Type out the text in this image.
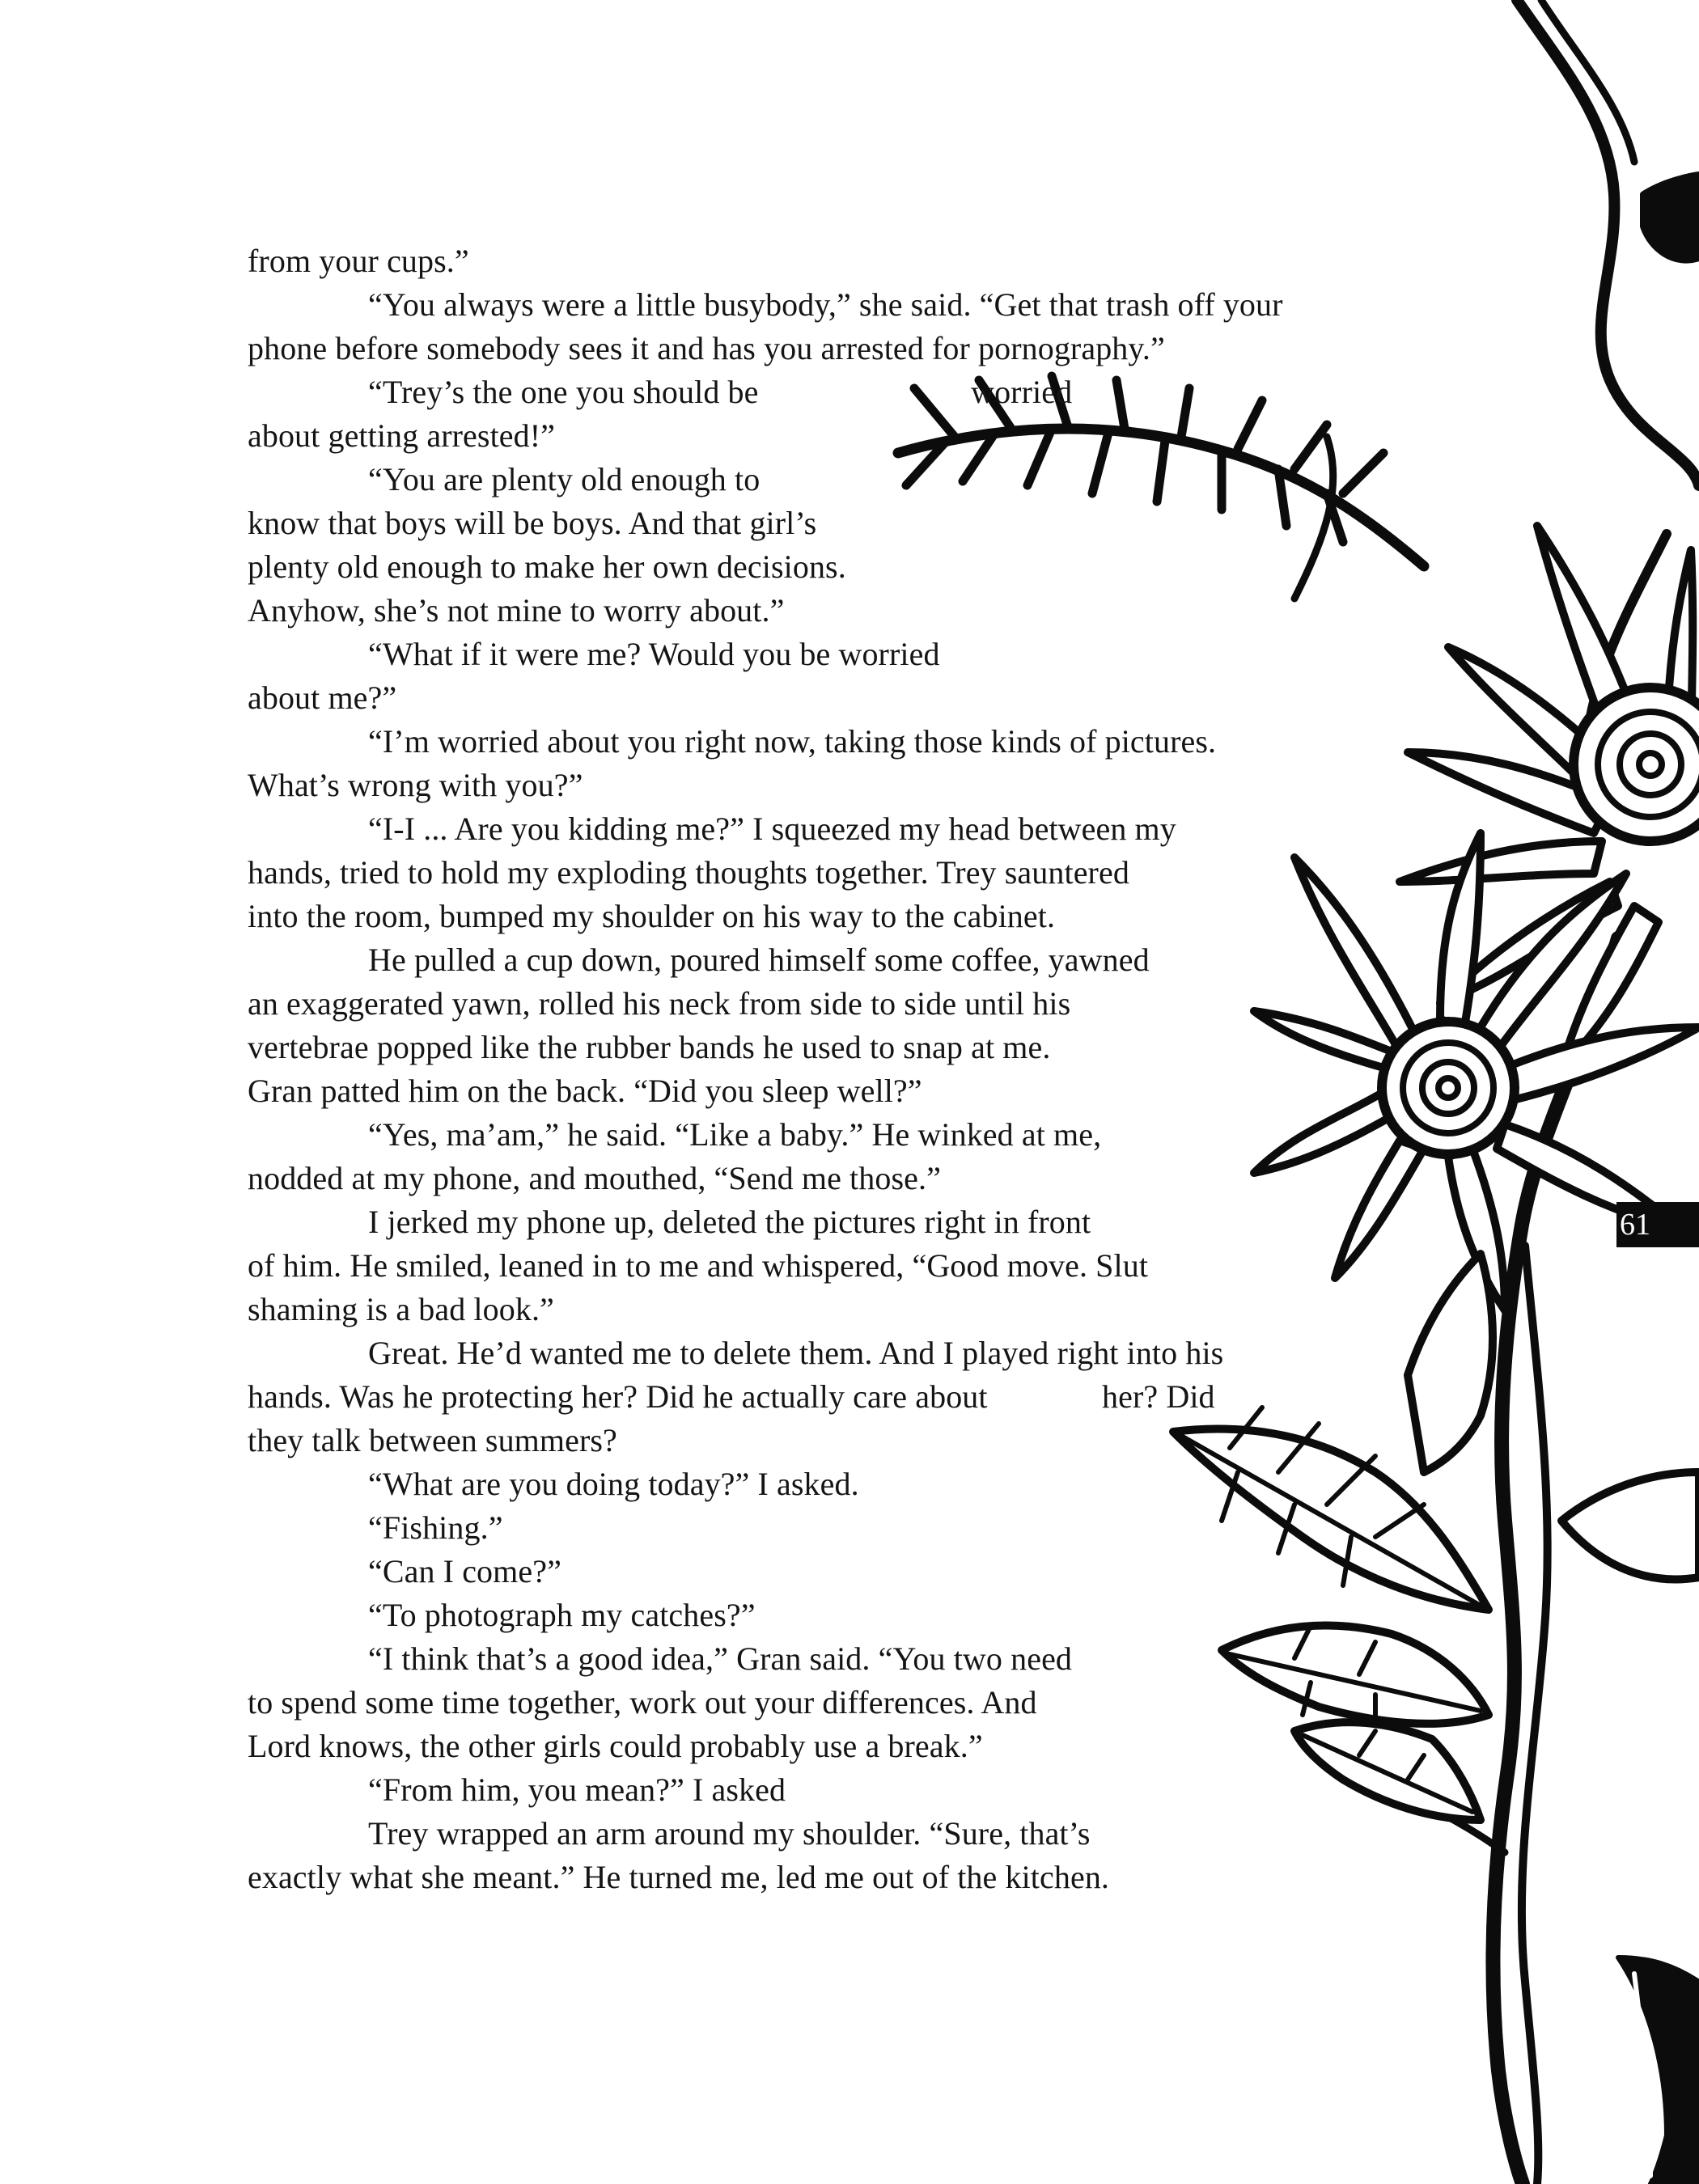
from your cups.”
“You always were a little busybody,” she said. “Get that trash off your
phone before somebody sees it and has you arrested for pornography.”
“Trey’s the one you should be                          worried
about getting arrested!”
“You are plenty old enough to
know that boys will be boys. And that girl’s
plenty old enough to make her own decisions.
Anyhow, she’s not mine to worry about.”
“What if it were me? Would you be worried
about me?”
“I’m worried about you right now, taking those kinds of pictures.
What’s wrong with you?”
“I-I ... Are you kidding me?” I squeezed my head between my
hands, tried to hold my exploding thoughts together. Trey sauntered
into the room, bumped my shoulder on his way to the cabinet.
He pulled a cup down, poured himself some coffee, yawned
an exaggerated yawn, rolled his neck from side to side until his
vertebrae popped like the rubber bands he used to snap at me.
Gran patted him on the back. “Did you sleep well?”
“Yes, ma’am,” he said. “Like a baby.” He winked at me,
nodded at my phone, and mouthed, “Send me those.”
I jerked my phone up, deleted the pictures right in front
of him. He smiled, leaned in to me and whispered, “Good move. Slut
shaming is a bad look.”
Great. He’d wanted me to delete them. And I played right into his
hands. Was he protecting her? Did he actually care about              her? Did
they talk between summers?
“What are you doing today?” I asked.
“Fishing.”
“Can I come?”
“To photograph my catches?”
“I think that’s a good idea,” Gran said. “You two need
to spend some time together, work out your differences. And
Lord knows, the other girls could probably use a break.”
“From him, you mean?” I asked
Trey wrapped an arm around my shoulder. “Sure, that’s
exactly what she meant.” He turned me, led me out of the kitchen.
61
